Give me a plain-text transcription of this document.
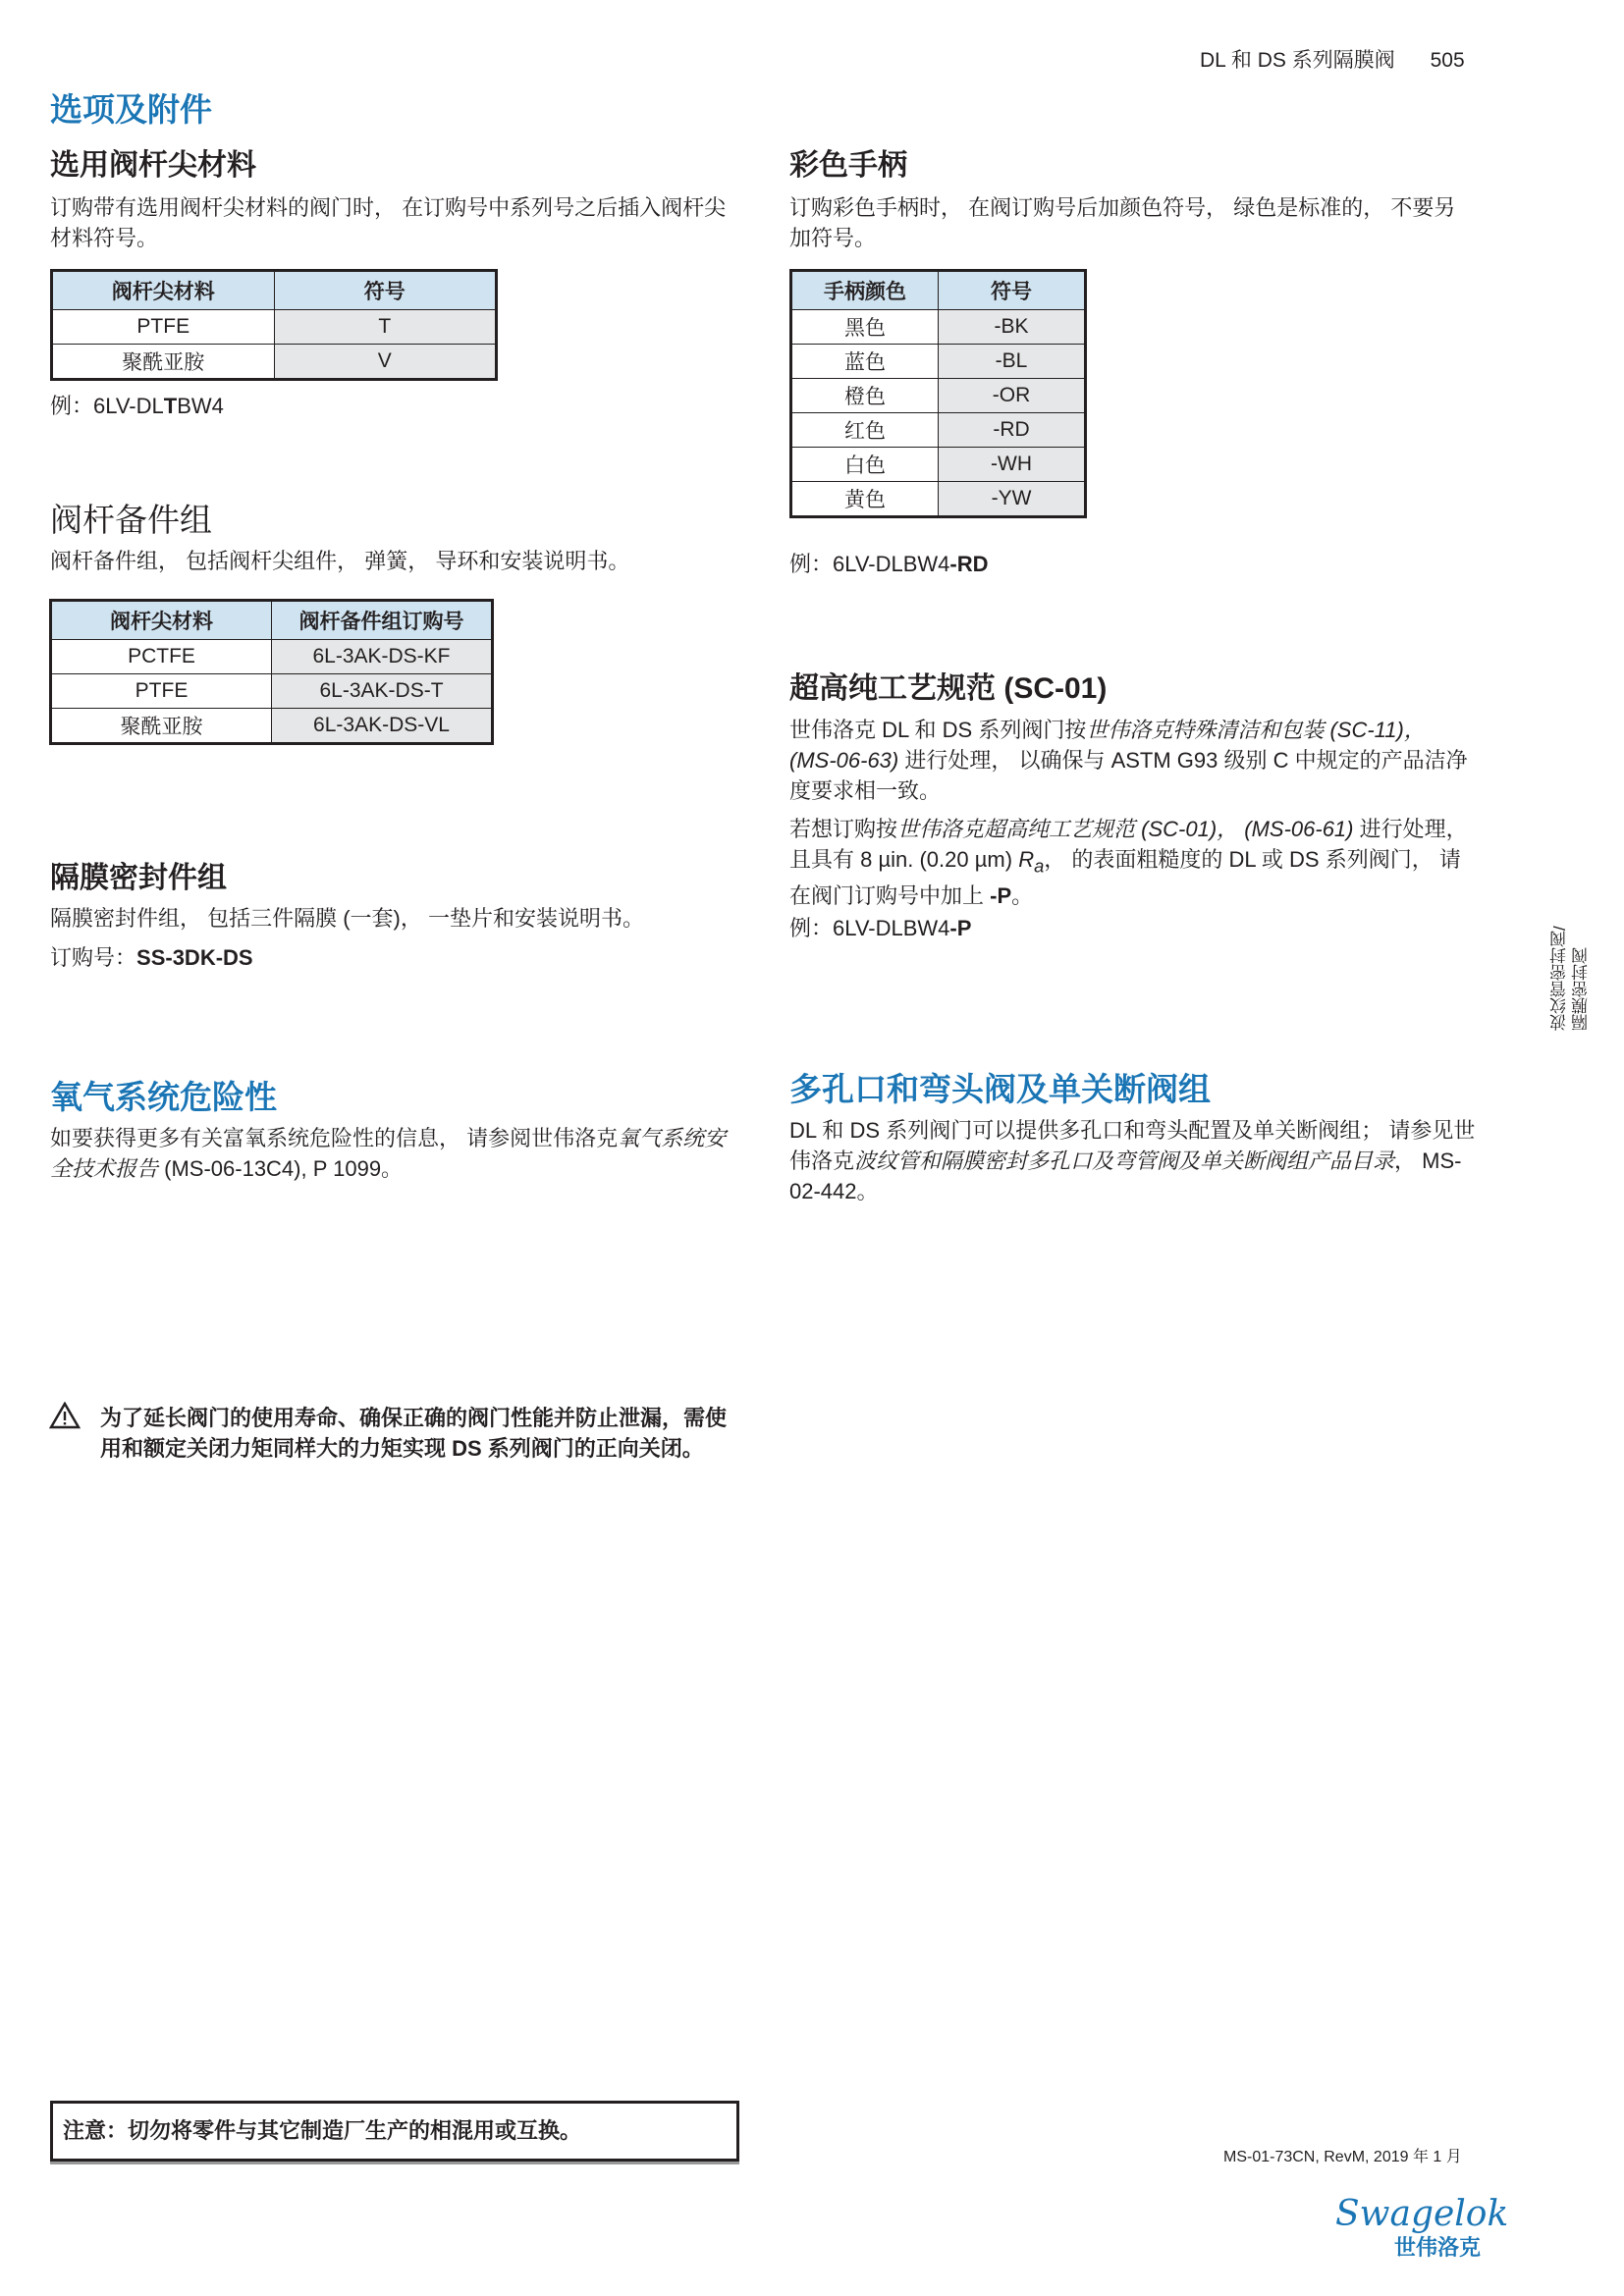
DL 和 DS 系列隔膜阀 505
选项及附件
选用阀杆尖材料
订购带有选用阀杆尖材料的阀门时， 在订购号中系列号之后插入阀杆尖材料符号。
阀杆尖材料	符号
PTFE	T
聚酰亚胺	V
例：6LV-DLTBW4
阀杆备件组
阀杆备件组， 包括阀杆尖组件， 弹簧， 导环和安装说明书。
阀杆尖材料	阀杆备件组订购号
PCTFE	6L-3AK-DS-KF
PTFE	6L-3AK-DS-T
聚酰亚胺	6L-3AK-DS-VL
隔膜密封件组
隔膜密封件组， 包括三件隔膜 (一套)， 一垫片和安装说明书。
订购号：SS-3DK-DS
氧气系统危险性
如要获得更多有关富氧系统危险性的信息， 请参阅世伟洛克氧气系统安全技术报告 (MS-06-13C4), P 1099。
为了延长阀门的使用寿命、确保正确的阀门性能并防止泄漏，需使用和额定关闭力矩同样大的力矩实现 DS 系列阀门的正向关闭。
彩色手柄
订购彩色手柄时， 在阀订购号后加颜色符号， 绿色是标准的， 不要另加符号。
手柄颜色	符号
黑色	-BK
蓝色	-BL
橙色	-OR
红色	-RD
白色	-WH
黄色	-YW
例：6LV-DLBW4-RD
超高纯工艺规范 (SC-01)
世伟洛克 DL 和 DS 系列阀门按世伟洛克特殊清洁和包装 (SC-11)， (MS-06-63) 进行处理， 以确保与 ASTM G93 级别 C 中规定的产品洁净度要求相一致。
若想订购按世伟洛克超高纯工艺规范 (SC-01)， (MS-06-61) 进行处理， 且具有 8 µin. (0.20 µm) $R_a$， 的表面粗糙度的 DL 或 DS 系列阀门， 请在阀门订购号中加上 -P。
例：6LV-DLBW4-P
多孔口和弯头阀及单关断阀组
DL 和 DS 系列阀门可以提供多孔口和弯头配置及单关断阀组； 请参见世伟洛克波纹管和隔膜密封多孔口及弯管阀及单关断阀组产品目录， MS-02-442。
波纹管密封阀/ 隔膜密封阀
注意：切勿将零件与其它制造厂生产的相混用或互换。
MS-01-73CN, RevM, 2019 年 1 月
Swagelok
世伟洛克
